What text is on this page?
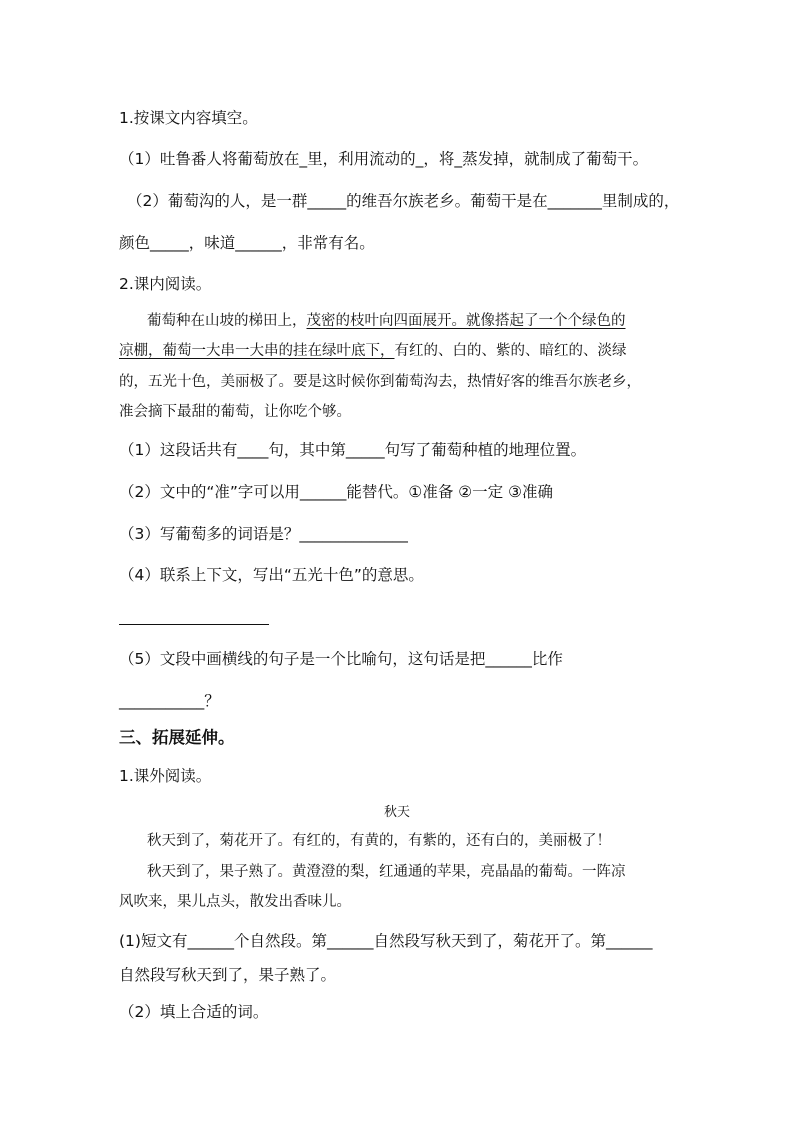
1.按课文内容填空。
（1）吐鲁番人将葡萄放在_里，利用流动的_，将_蒸发掉，就制成了葡萄干。
（2）葡萄沟的人，是一群_____的维吾尔族老乡。葡萄干是在_______里制成的，
颜色_____，味道______，非常有名。
2.课内阅读。
葡萄种在山坡的梯田上，茂密的枝叶向四面展开。就像搭起了一个个绿色的
凉棚，葡萄一大串一大串的挂在绿叶底下，有红的、白的、紫的、暗红的、淡绿
的，五光十色，美丽极了。要是这时候你到葡萄沟去，热情好客的维吾尔族老乡，
准会摘下最甜的葡萄，让你吃个够。
（1）这段话共有____句，其中第_____句写了葡萄种植的地理位置。
（2）文中的“准”字可以用______能替代。①准备 ②一定 ③准确
（3）写葡萄多的词语是？______________
（4）联系上下文，写出“五光十色”的意思。
（5）文段中画横线的句子是一个比喻句，这句话是把______比作
___________？
三、拓展延伸。
1.课外阅读。
秋天
秋天到了，菊花开了。有红的，有黄的，有紫的，还有白的，美丽极了！
秋天到了，果子熟了。黄澄澄的梨，红通通的苹果，亮晶晶的葡萄。一阵凉
风吹来，果儿点头，散发出香味儿。
(1)短文有______个自然段。第______自然段写秋天到了，菊花开了。第______
自然段写秋天到了，果子熟了。
（2）填上合适的词。
